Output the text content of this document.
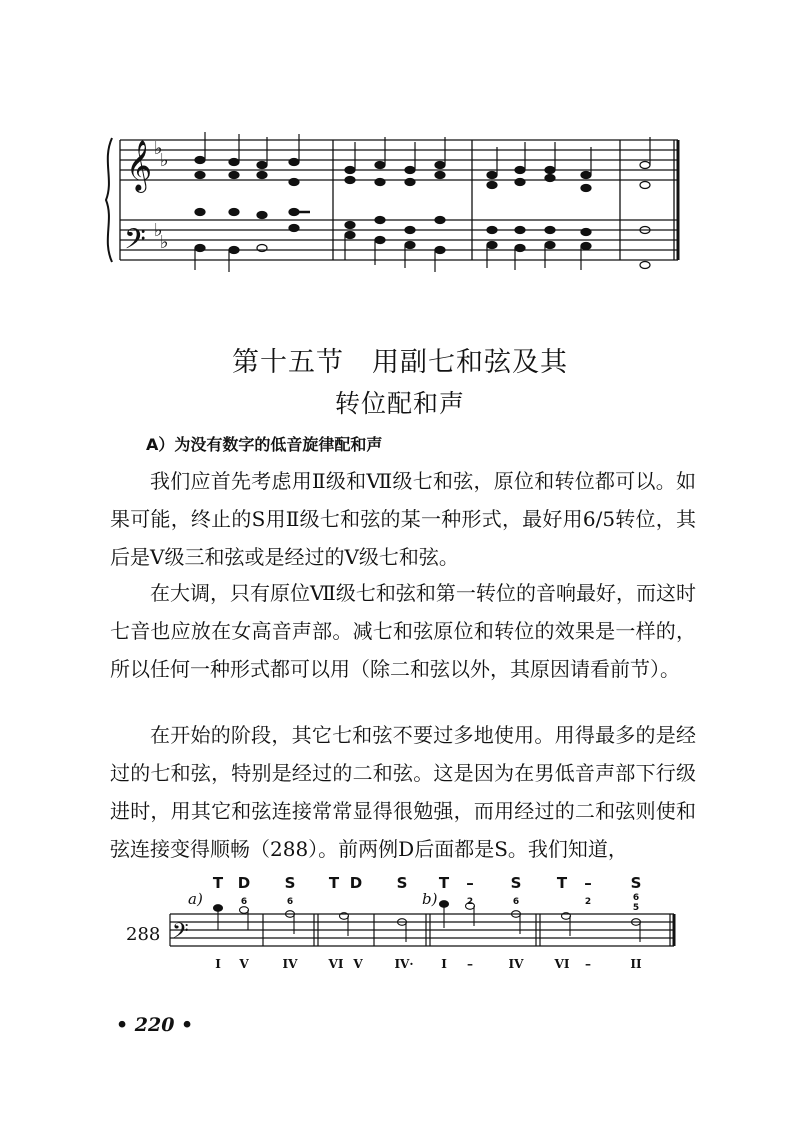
𝄞
𝄢
♭
♭
♭
♭
第十五节　用副七和弦及其
转位配和声
A）为没有数字的低音旋律配和声

我们应首先考虑用Ⅱ级和Ⅶ级七和弦，原位和转位都可以。如果可能，终止的S用Ⅱ级七和弦的某一种形式，最好用6/5转位，其后是Ⅴ级三和弦或是经过的Ⅴ级七和弦。

在大调，只有原位Ⅶ级七和弦和第一转位的音响最好，而这时七音也应放在女高音声部。减七和弦原位和转位的效果是一样的，所以任何一种形式都可以用（除二和弦以外，其原因请看前节）。

在开始的阶段，其它七和弦不要过多地使用。用得最多的是经过的七和弦，特别是经过的二和弦。这是因为在男低音声部下行级进时，用其它和弦连接常常显得很勉强，而用经过的二和弦则使和弦连接变得顺畅（288）。前两例D后面都是S。我们知道，

288 𝄢
a)	b)
T D S T D S T – S T –	S
6	6	2	6	2	6
5
I V	IV	VI V	IV· I –	IV	VI –	II
• 220 •
